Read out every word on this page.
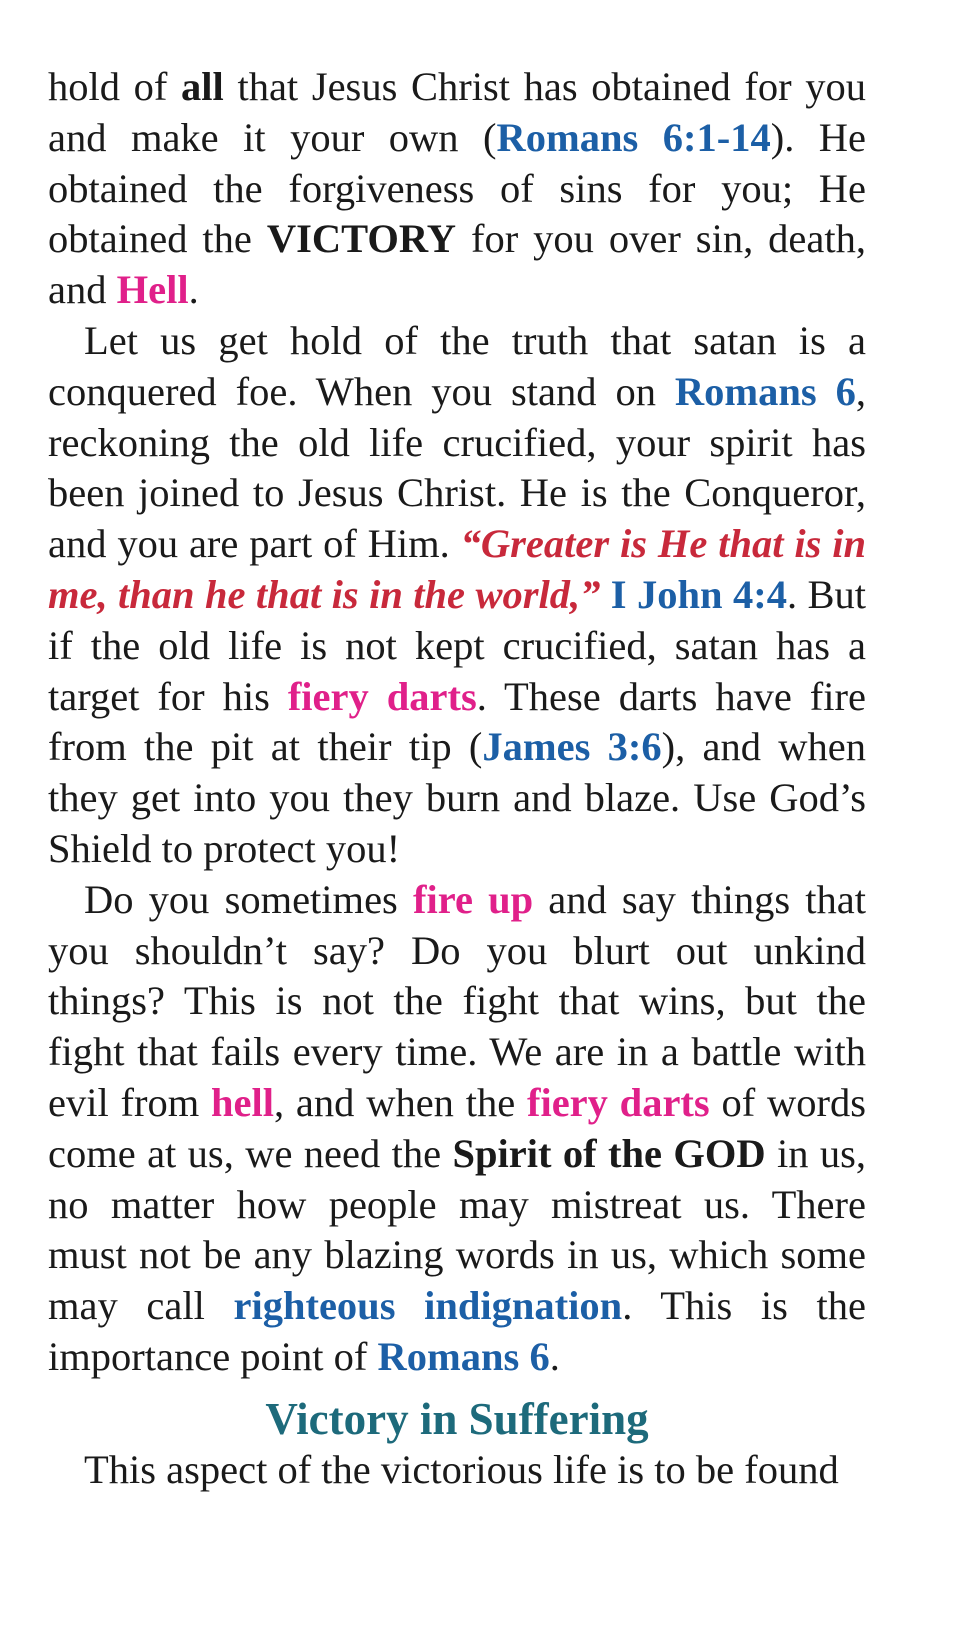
hold of all that Jesus Christ has obtained for you and make it your own (Romans 6:1-14). He obtained the forgiveness of sins for you; He obtained the VICTORY for you over sin, death, and Hell.

Let us get hold of the truth that satan is a conquered foe. When you stand on Romans 6, reckoning the old life crucified, your spirit has been joined to Jesus Christ. He is the Conqueror, and you are part of Him. “Greater is He that is in me, than he that is in the world,” I John 4:4. But if the old life is not kept crucified, satan has a target for his fiery darts. These darts have fire from the pit at their tip (James 3:6), and when they get into you they burn and blaze. Use God’s Shield to protect you!

Do you sometimes fire up and say things that you shouldn’t say? Do you blurt out unkind things? This is not the fight that wins, but the fight that fails every time. We are in a battle with evil from hell, and when the fiery darts of words come at us, we need the Spirit of the GOD in us, no matter how people may mistreat us. There must not be any blazing words in us, which some may call righteous indignation. This is the importance point of Romans 6.

Victory in Suffering

This aspect of the victorious life is to be found
